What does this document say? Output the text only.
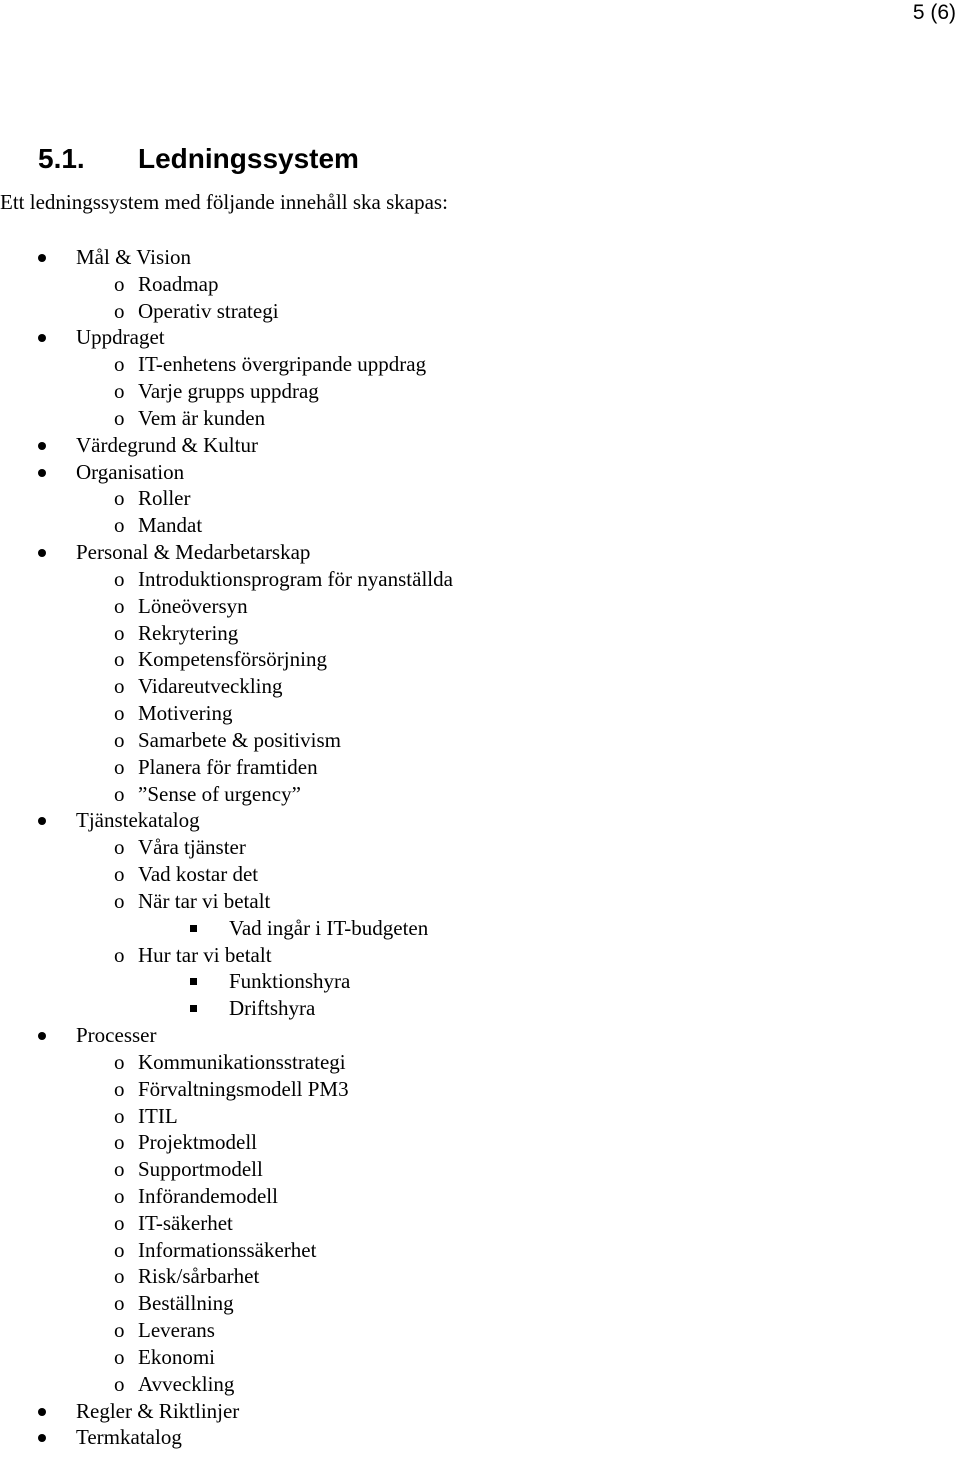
5 (6)
5.1. Ledningssystem
Ett ledningssystem med följande innehåll ska skapas:
Mål & Vision
o Roadmap
o Operativ strategi
Uppdraget
o IT-enhetens övergripande uppdrag
o Varje grupps uppdrag
o Vem är kunden
Värdegrund & Kultur
Organisation
o Roller
o Mandat
Personal & Medarbetarskap
o Introduktionsprogram för nyanställda
o Löneöversyn
o Rekrytering
o Kompetensförsörjning
o Vidareutveckling
o Motivering
o Samarbete & positivism
o Planera för framtiden
o ”Sense of urgency”
Tjänstekatalog
o Våra tjänster
o Vad kostar det
o När tar vi betalt
Vad ingår i IT-budgeten
o Hur tar vi betalt
Funktionshyra
Driftshyra
Processer
o Kommunikationsstrategi
o Förvaltningsmodell PM3
o ITIL
o Projektmodell
o Supportmodell
o Införandemodell
o IT-säkerhet
o Informationssäkerhet
o Risk/sårbarhet
o Beställning
o Leverans
o Ekonomi
o Avveckling
Regler & Riktlinjer
Termkatalog
